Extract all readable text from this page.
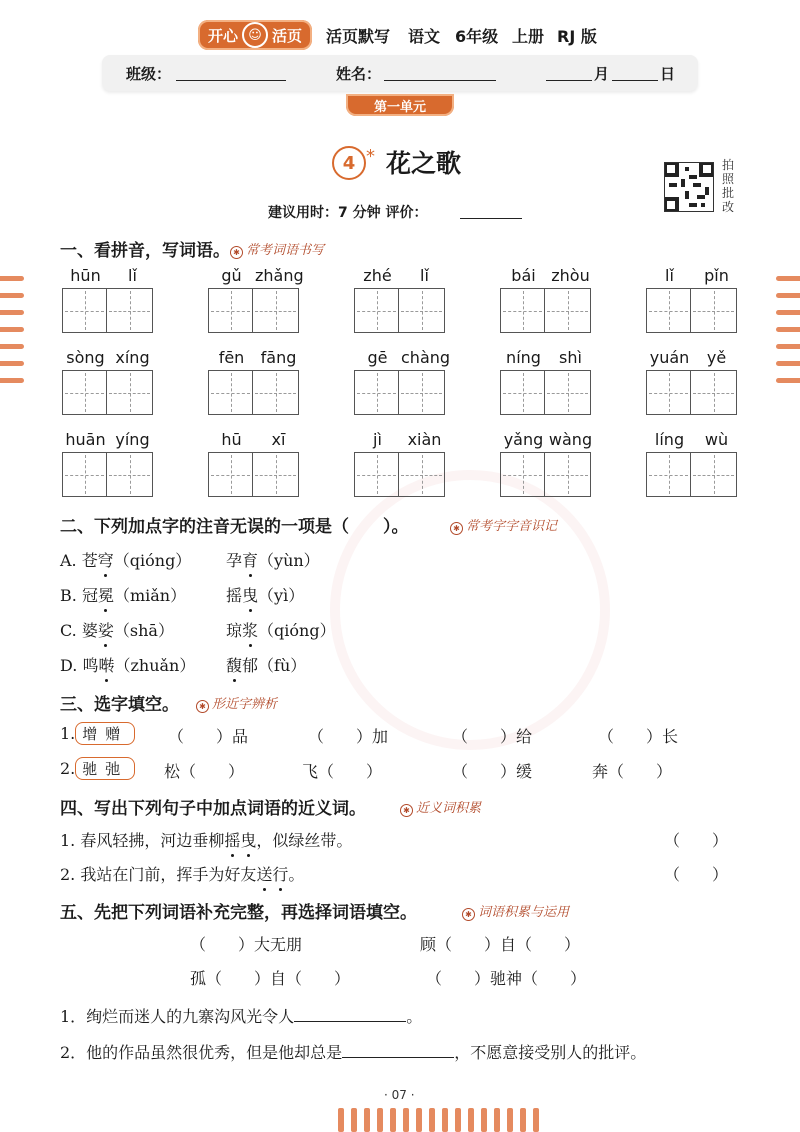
开心 ☺ 活页 活页默写 语文 6年级 上册 RJ 版
班级：	姓名：	月	日
第一单元
4 * 花之歌	拍
照
批
改
建议用时：7 分钟 评价：
一、看拼音，写词语。 ✱ 常考词语书写
hūn	lǐ	gǔ zhǎng	zhé	lǐ	bái zhòu	lǐ	pǐn
sòng xíng	fēn	fāng	gē chàng	níng	shì	yuán	yě
huān yíng	hū	xī	jì	xiàn	yǎng wàng	líng	wù
二、下列加点字的注音无误的一项是（　　）。	✱ 常考字字音识记
A. 苍穹（qióng） 孕育（yùn）
B. 冠冕（miǎn） 摇曳（yì）
C. 婆娑（shā）	琼浆（qióng）
D. 鸣啭（zhuǎn） 馥郁（fù）
三、选字填空。	✱ 形近字辨析
1. 增赠	（　　）品	（　　）加	（　　）给	（　　）长
2. 驰弛	松（　　）	飞（　　）	（　　）缓	奔（　　）
四、写出下列句子中加点词语的近义词。	✱ 近义词积累
1. 春风轻拂，河边垂柳摇曳，似绿丝带。	（　　）
2. 我站在门前，挥手为好友送行。	（　　）
五、先把下列词语补充完整，再选择词语填空。	✱ 词语积累与运用
（　　）大无朋	顾（　　）自（　　）
孤（　　）自（　　）	（　　）驰神（　　）
1．绚烂而迷人的九寨沟风光令人	。
2．他的作品虽然很优秀，但是他却总是	，不愿意接受别人的批评。
· 07 ·
